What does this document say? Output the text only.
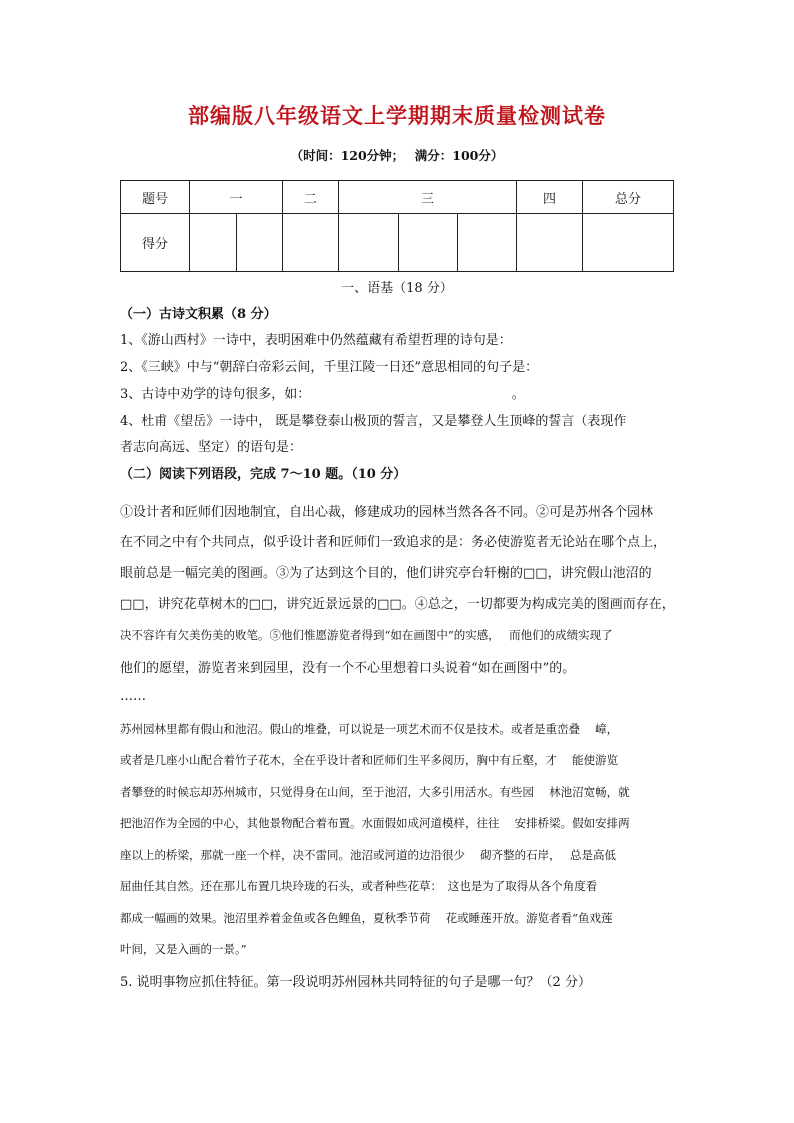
部编版八年级语文上学期期末质量检测试卷
（时间：120分钟；　 满分：100分）
题号	一		二	三			四	总分
得分								
一、语基（18 分）
（一）古诗文积累（8 分）
1、《游山西村》一诗中，表明困难中仍然蕴藏有希望哲理的诗句是：
2、《三峡》中与“朝辞白帝彩云间，千里江陵一日还”意思相同的句子是：
3、古诗中劝学的诗句很多，如：　　　　　　　　　　　　　　　　。
4、杜甫《望岳》一诗中， 既是攀登泰山极顶的誓言，又是攀登人生顶峰的誓言（表现作
者志向高远、坚定）的语句是：
（二）阅读下列语段，完成 7～10 题。（10 分）
①设计者和匠师们因地制宜，自出心裁，修建成功的园林当然各各不同。②可是苏州各个园林
在不同之中有个共同点，似乎设计者和匠师们一致追求的是：务必使游览者无论站在哪个点上，
眼前总是一幅完美的图画。③为了达到这个目的，他们讲究亭台轩榭的□□，讲究假山池沼的
□□，讲究花草树木的□□，讲究近景远景的□□。④总之，一切都要为构成完美的图画而存在，
决不容许有欠美伤美的败笔。⑤他们惟愿游览者得到“如在画图中”的实感，　 而他们的成绩实现了
他们的愿望，游览者来到园里，没有一个不心里想着口头说着“如在画图中”的。
……
苏州园林里都有假山和池沼。假山的堆叠，可以说是一项艺术而不仅是技术。或者是重峦叠　 嶂，
或者是几座小山配合着竹子花木，全在乎设计者和匠师们生平多阅历，胸中有丘壑，才　 能使游览
者攀登的时候忘却苏州城市，只觉得身在山间，至于池沼，大多引用活水。有些园　 林池沼宽畅，就
把池沼作为全园的中心，其他景物配合着布置。水面假如成河道模样，往往　 安排桥梁。假如安排两
座以上的桥梁，那就一座一个样，决不雷同。池沼或河道的边沿很少　 砌齐整的石岸，　 总是高低
屈曲任其自然。还在那儿布置几块玲珑的石头，或者种些花草：　这也是为了取得从各个角度看
都成一幅画的效果。池沼里养着金鱼或各色鲤鱼，夏秋季节荷　 花或睡莲开放。游览者看“鱼戏莲
叶间，又是入画的一景。”
5. 说明事物应抓住特征。第一段说明苏州园林共同特征的句子是哪一句？（2 分）
